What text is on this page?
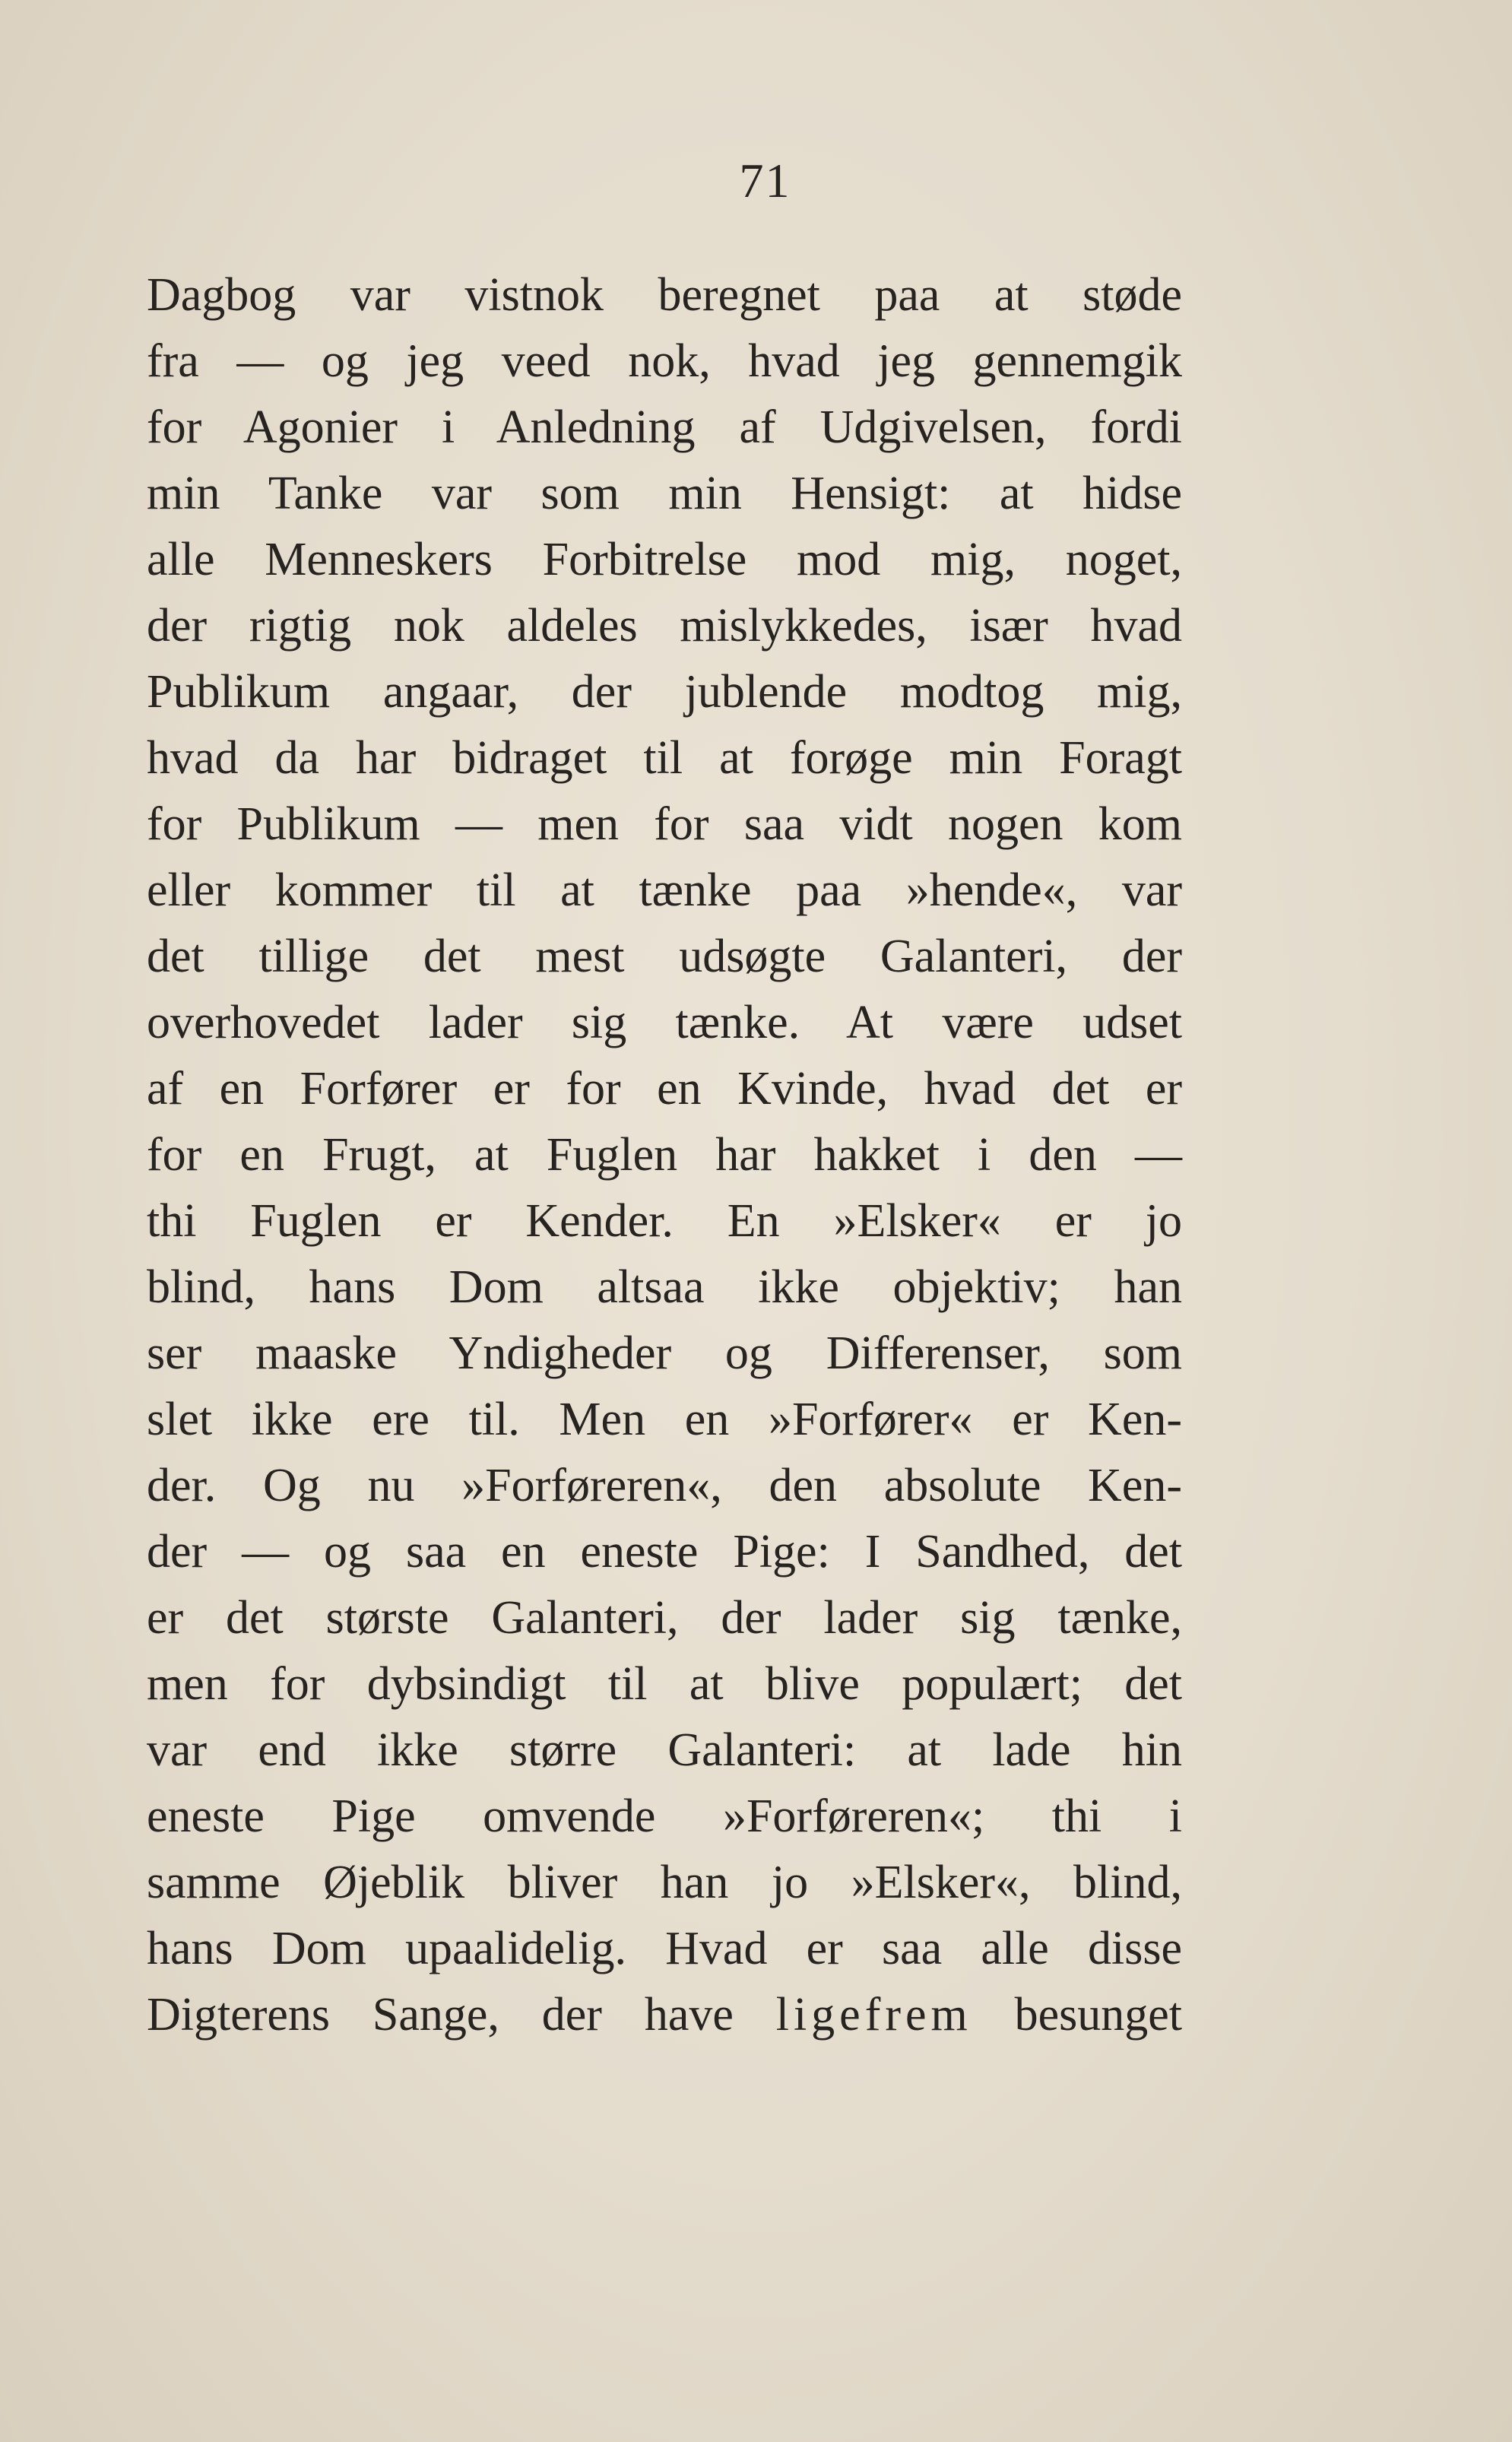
71
Dagbog var vistnok beregnet paa at støde
fra — og jeg veed nok, hvad jeg gennemgik
for Agonier i Anledning af Udgivelsen, fordi
min Tanke var som min Hensigt: at hidse
alle Menneskers Forbitrelse mod mig, noget,
der rigtig nok aldeles mislykkedes, især hvad
Publikum angaar, der jublende modtog mig,
hvad da har bidraget til at forøge min Foragt
for Publikum — men for saa vidt nogen kom
eller kommer til at tænke paa »hende«, var
det tillige det mest udsøgte Galanteri, der
overhovedet lader sig tænke. At være udset
af en Forfører er for en Kvinde, hvad det er
for en Frugt, at Fuglen har hakket i den —
thi Fuglen er Kender. En »Elsker« er jo
blind, hans Dom altsaa ikke objektiv; han
ser maaske Yndigheder og Differenser, som
slet ikke ere til. Men en »Forfører« er Ken-
der. Og nu »Forføreren«, den absolute Ken-
der — og saa en eneste Pige: I Sandhed, det
er det største Galanteri, der lader sig tænke,
men for dybsindigt til at blive populært; det
var end ikke større Galanteri: at lade hin
eneste Pige omvende »Forføreren«; thi i
samme Øjeblik bliver han jo »Elsker«, blind,
hans Dom upaalidelig. Hvad er saa alle disse
Digterens Sange, der have ligefrem besunget
